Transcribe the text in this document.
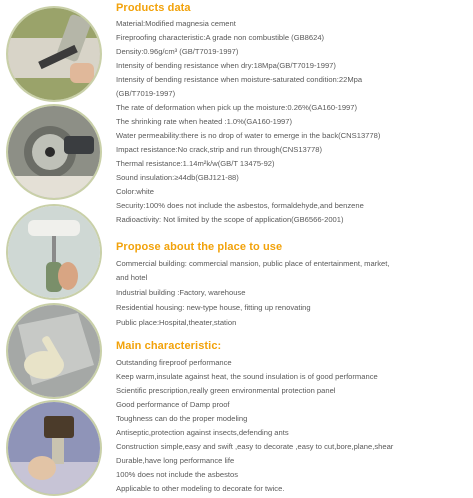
Products data
Material:Modified magnesia cement
Fireproofing characteristic:A grade non combustible (GB8624)
Density:0.96g/cm³ (GB/T7019-1997)
Intensity of bending resistance when dry:18Mpa(GB/T7019-1997)
Intensity of bending resistance when moisture-saturated condition:22Mpa
(GB/T7019-1997)
The rate of deformation when pick up the moisture:0.26%(GA160-1997)
The shrinking rate when heated :1.0%(GA160-1997)
Water permeability:there is no drop of water to emerge in the back(CNS13778)
Impact resistance:No crack,strip and run through(CNS13778)
Thermal resistance:1.14m²k/w(GB/T 13475-92)
Sound insulation:≥44db(GBJ121-88)
Color:white
Security:100% does not include the asbestos, formaldehyde,and benzene
Radioactivity: Not limited by the scope of application(GB6566-2001)
Propose about the place to use
Commercial building: commercial mansion, public place of entertainment, market,
and hotel
Industrial building :Factory, warehouse
Residential housing: new-type house, fitting up renovating
Public place:Hospital,theater,station
Main characteristic:
Outstanding fireproof performance
Keep warm,insulate against heat, the sound insulation is of good performance
Scientific prescription,really green environmental protection panel
Good performance of Damp proof
Toughness can do the proper modeling
Antiseptic,protection against insects,defending ants
Construction simple,easy and swift ,easy to decorate ,easy to cut,bore,plane,shear
Durable,have long performance life
100% does not include the asbestos
Applicable to other modeling to decorate for twice.
